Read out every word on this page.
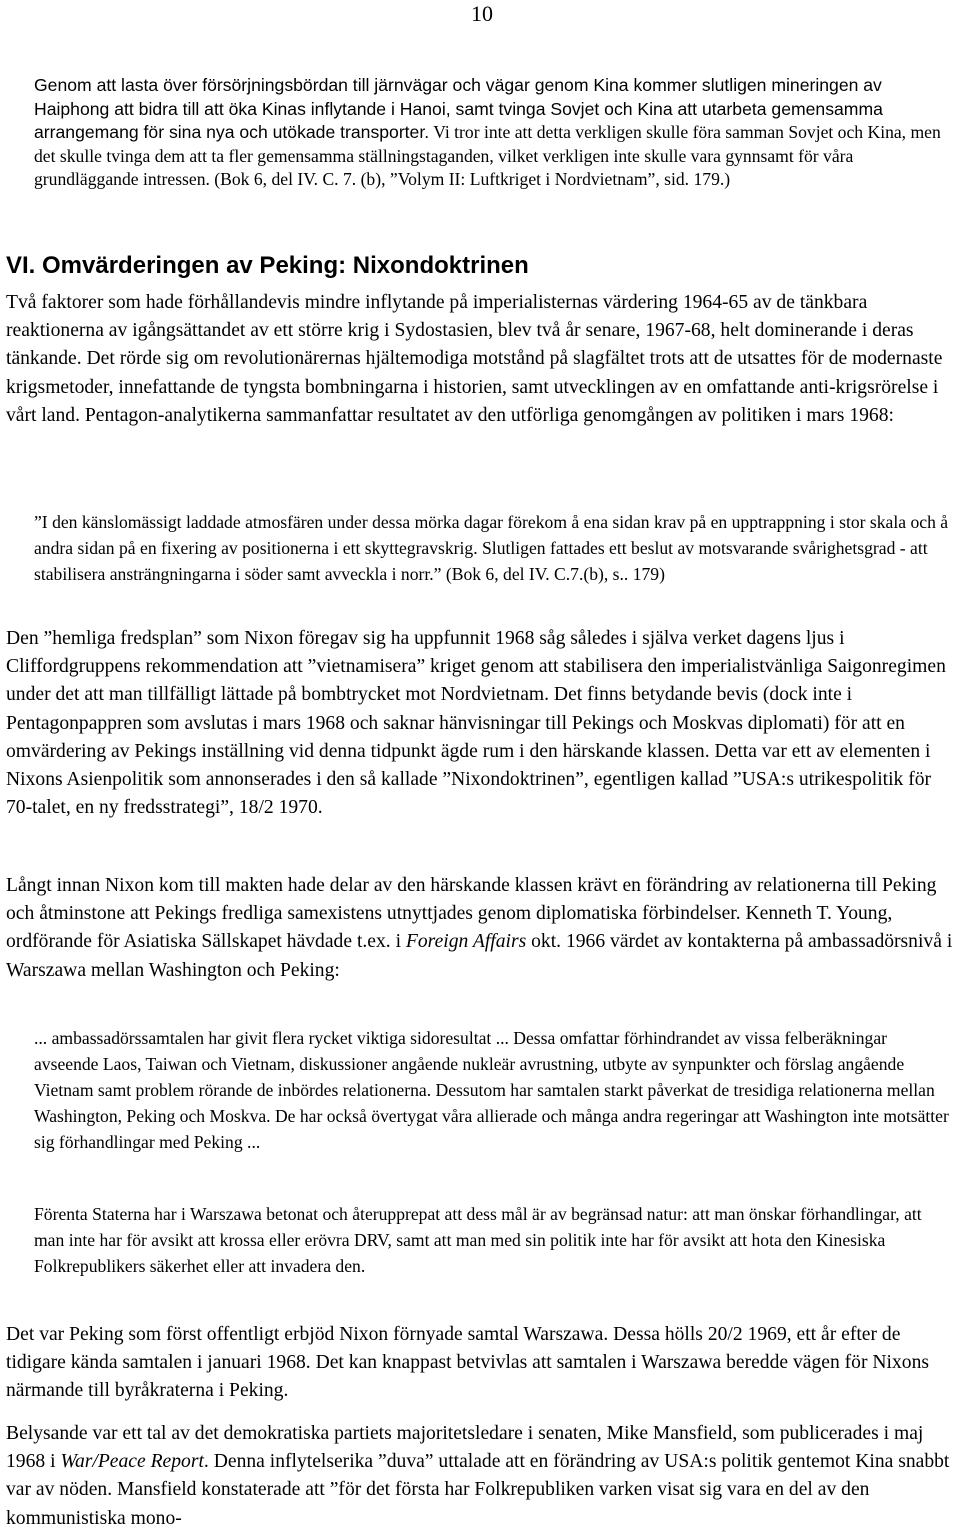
10

Genom att lasta över försörjningsbördan till järnvägar och vägar genom Kina kommer slutligen mineringen av Haiphong att bidra till att öka Kinas inflytande i Hanoi, samt tvinga Sovjet och Kina att utarbeta gemensamma arrangemang för sina nya och utökade transporter. Vi tror inte att detta verkligen skulle föra samman Sovjet och Kina, men det skulle tvinga dem att ta fler gemensamma ställningstaganden, vilket verkligen inte skulle vara gynnsamt för våra grundläggande intressen. (Bok 6, del IV. C. 7. (b), ”Volym II: Luftkriget i Nordvietnam”, sid. 179.)

VI. Omvärderingen av Peking: Nixondoktrinen

Två faktorer som hade förhållandevis mindre inflytande på imperialisternas värdering 1964-65 av de tänkbara reaktionerna av igångsättandet av ett större krig i Sydostasien, blev två år senare, 1967-68, helt dominerande i deras tänkande. Det rörde sig om revolutionärernas hjältemodiga motstånd på slagfältet trots att de utsattes för de modernaste krigsmetoder, innefattande de tyngsta bombningarna i historien, samt utvecklingen av en omfattande anti-krigsrörelse i vårt land. Pentagon-analytikerna sammanfattar resultatet av den utförliga genomgången av politiken i mars 1968:

”I den känslomässigt laddade atmosfären under dessa mörka dagar förekom å ena sidan krav på en upptrappning i stor skala och å andra sidan på en fixering av positionerna i ett skyttegravskrig. Slutligen fattades ett beslut av motsvarande svårighetsgrad - att stabilisera ansträngningarna i söder samt avveckla i norr.” (Bok 6, del IV. C.7.(b), s.. 179)

Den ”hemliga fredsplan” som Nixon föregav sig ha uppfunnit 1968 såg således i själva verket dagens ljus i Cliffordgruppens rekommendation att ”vietnamisera” kriget genom att stabilisera den imperialistvänliga Saigonregimen under det att man tillfälligt lättade på bombtrycket mot Nordvietnam. Det finns betydande bevis (dock inte i Pentagonpappren som avslutas i mars 1968 och saknar hänvisningar till Pekings och Moskvas diplomati) för att en omvärdering av Pekings inställning vid denna tidpunkt ägde rum i den härskande klassen. Detta var ett av elementen i Nixons Asienpolitik som annonserades i den så kallade ”Nixondoktrinen”, egentligen kallad ”USA:s utrikespolitik för 70-talet, en ny fredsstrategi”, 18/2 1970.

Långt innan Nixon kom till makten hade delar av den härskande klassen krävt en förändring av relationerna till Peking och åtminstone att Pekings fredliga samexistens utnyttjades genom diplomatiska förbindelser. Kenneth T. Young, ordförande för Asiatiska Sällskapet hävdade t.ex. i Foreign Affairs okt. 1966 värdet av kontakterna på ambassadörsnivå i Warszawa mellan Washington och Peking:

... ambassadörssamtalen har givit flera rycket viktiga sidoresultat ... Dessa omfattar förhindrandet av vissa felberäkningar avseende Laos, Taiwan och Vietnam, diskussioner angående nukleär avrustning, utbyte av synpunkter och förslag angående Vietnam samt problem rörande de inbördes relationerna. Dessutom har samtalen starkt påverkat de tresidiga relationerna mellan Washington, Peking och Moskva. De har också övertygat våra allierade och många andra regeringar att Washington inte motsätter sig förhandlingar med Peking ...

Förenta Staterna har i Warszawa betonat och återupprepat att dess mål är av begränsad natur: att man önskar förhandlingar, att man inte har för avsikt att krossa eller erövra DRV, samt att man med sin politik inte har för avsikt att hota den Kinesiska Folkrepublikers säkerhet eller att invadera den.

Det var Peking som först offentligt erbjöd Nixon förnyade samtal Warszawa. Dessa hölls 20/2 1969, ett år efter de tidigare kända samtalen i januari 1968. Det kan knappast betvivlas att samtalen i Warszawa beredde vägen för Nixons närmande till byråkraterna i Peking.

Belysande var ett tal av det demokratiska partiets majoritetsledare i senaten, Mike Mansfield, som publicerades i maj 1968 i War/Peace Report. Denna inflytelserika ”duva” uttalade att en förändring av USA:s politik gentemot Kina snabbt var av nöden. Mansfield konstaterade att ”för det första har Folkrepubliken varken visat sig vara en del av den kommunistiska mono-
